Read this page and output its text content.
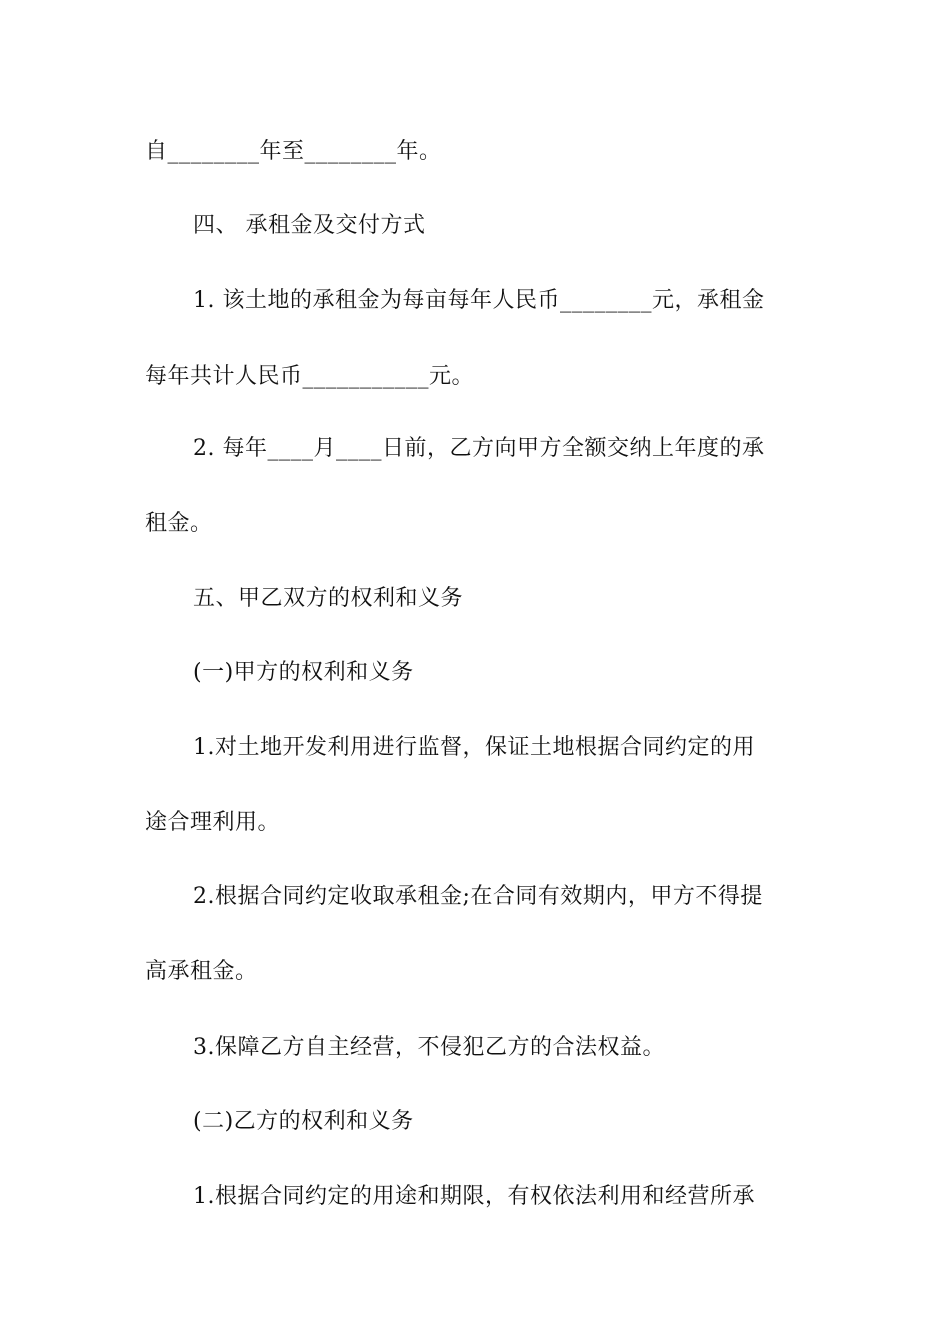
自________年至________年。
四、 承租金及交付方式
1. 该土地的承租金为每亩每年人民币________元，承租金
每年共计人民币___________元。
2. 每年____月____日前，乙方向甲方全额交纳上年度的承
租金。
五、甲乙双方的权利和义务
(一)甲方的权利和义务
1.对土地开发利用进行监督，保证土地根据合同约定的用
途合理利用。
2.根据合同约定收取承租金;在合同有效期内，甲方不得提
高承租金。
3.保障乙方自主经营，不侵犯乙方的合法权益。
(二)乙方的权利和义务
1.根据合同约定的用途和期限，有权依法利用和经营所承
